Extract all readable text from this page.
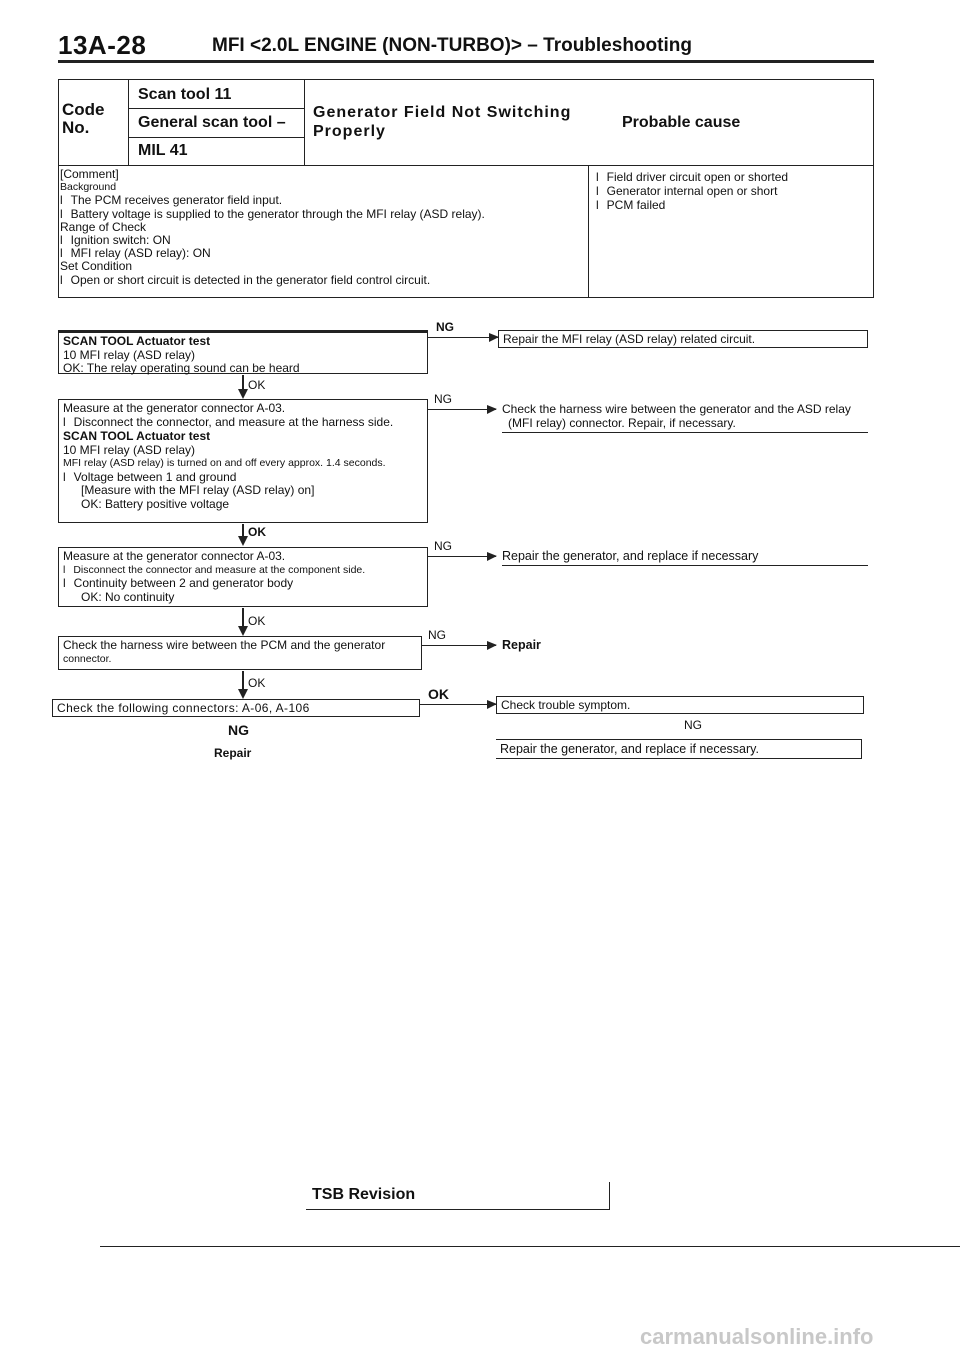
13A-28	MFI <2.0L ENGINE (NON-TURBO)> – Troubleshooting
Code No.
Scan tool 11
General scan tool –
MIL 41
Generator Field Not Switching Properly
Probable cause
[Comment]
Background
l The PCM receives generator field input.
l Battery voltage is supplied to the generator through the MFI relay (ASD relay).
Range of Check
l Ignition switch: ON
l MFI relay (ASD relay): ON
Set Condition
l Open or short circuit is detected in the generator field control circuit.
l Field driver circuit open or shorted
l Generator internal open or short
l PCM failed
SCAN TOOL Actuator test
10 MFI relay (ASD relay)
OK: The relay operating sound can be heard
NG
Repair the MFI relay (ASD relay) related circuit.
OK
Measure at the generator connector A-03.
l Disconnect the connector, and measure at the harness side.
SCAN TOOL Actuator test
10 MFI relay (ASD relay)
MFI relay (ASD relay) is turned on and off every approx. 1.4 seconds.
l Voltage between 1 and ground
[Measure with the MFI relay (ASD relay) on]
OK: Battery positive voltage
NG
Check the harness wire between the generator and the ASD relay
(MFI relay) connector. Repair, if necessary.
OK
Measure at the generator connector A-03.
l Disconnect the connector and measure at the component side.
l Continuity between 2 and generator body
OK: No continuity
NG
Repair the generator, and replace if necessary
OK
Check the harness wire between the PCM and the generator
connector.
NG
Repair
OK
Check the following connectors: A-06, A-106
OK
Check trouble symptom.
NG
Repair
NG
Repair the generator, and replace if necessary.
TSB Revision
carmanualsonline.info
